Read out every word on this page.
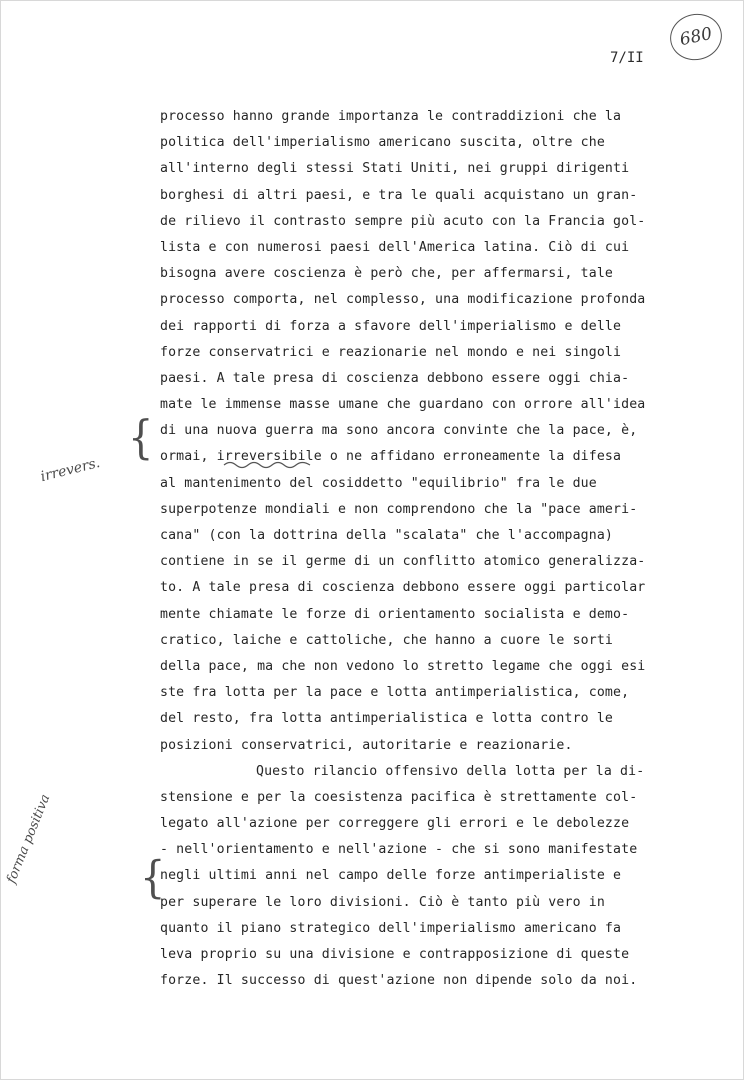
680
7/II
irrevers.
{
forma positiva {
processo hanno grande importanza le contraddizioni che la
politica dell'imperialismo americano suscita, oltre che
all'interno degli stessi Stati Uniti, nei gruppi dirigenti
borghesi di altri paesi, e tra le quali acquistano un gran-
de rilievo il contrasto sempre più acuto con la Francia gol-
lista e con numerosi paesi dell'America latina. Ciò di cui
bisogna avere coscienza è però che, per affermarsi, tale
processo comporta, nel complesso, una modificazione profonda
dei rapporti di forza a sfavore dell'imperialismo e delle
forze conservatrici e reazionarie nel mondo e nei singoli
paesi. A tale presa di coscienza debbono essere oggi chia-
mate le immense masse umane che guardano con orrore all'idea
di una nuova guerra ma sono ancora convinte che la pace, è,
ormai, irreversibile o ne affidano erroneamente la difesa
al mantenimento del cosiddetto "equilibrio" fra le due
superpotenze mondiali e non comprendono che la "pace ameri-
cana" (con la dottrina della "scalata" che l'accompagna)
contiene in se il germe di un conflitto atomico generalizza-
to. A tale presa di coscienza debbono essere oggi particolar
mente chiamate le forze di orientamento socialista e demo-
cratico, laiche e cattoliche, che hanno a cuore le sorti
della pace, ma che non vedono lo stretto legame che oggi esi
ste fra lotta per la pace e lotta antimperialistica, come,
del resto, fra lotta antimperialistica e lotta contro le
posizioni conservatrici, autoritarie e reazionarie.
Questo rilancio offensivo della lotta per la di-
stensione e per la coesistenza pacifica è strettamente col-
legato all'azione per correggere gli errori e le debolezze
- nell'orientamento e nell'azione - che si sono manifestate
negli ultimi anni nel campo delle forze antimperialiste e
per superare le loro divisioni. Ciò è tanto più vero in
quanto il piano strategico dell'imperialismo americano fa
leva proprio su una divisione e contrapposizione di queste
forze. Il successo di quest'azione non dipende solo da noi.
